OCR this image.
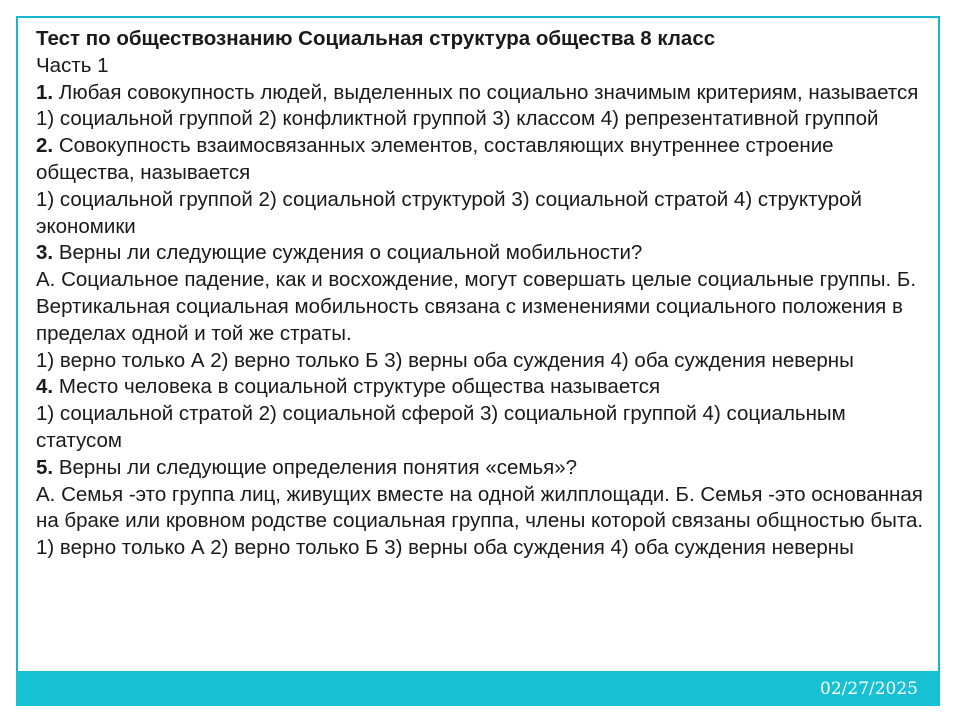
02/27/2025

Тест по обществознанию Социальная структура общества 8 класс

Часть 1

1. Любая совокупность людей, выделенных по социально значимым критериям, называется

1) социальной группой 2) конфликтной группой 3) классом 4) репрезентативной группой

2. Совокупность взаимосвязанных элементов, составляющих внутреннее строение общества, называется

1) социальной группой 2) социальной структурой 3) социальной стратой 4) структурой экономики

3. Верны ли следующие суждения о социальной мобильности?

А. Социальное падение, как и восхождение, могут совершать целые социальные группы. Б. Вертикальная социальная мобильность связана с изменениями социального положения в пределах одной и той же страты.

1) верно только А 2) верно только Б 3) верны оба суждения 4) оба суждения неверны

4. Место человека в социальной структуре общества называется

1) социальной стратой 2) социальной сферой 3) социальной группой 4) социальным статусом

5. Верны ли следующие определения понятия «семья»?

А. Семья -это группа лиц, живущих вместе на одной жилплощади. Б. Семья -это основанная на браке или кровном родстве социальная группа, члены которой связаны общностью быта.

1) верно только А 2) верно только Б 3) верны оба суждения 4) оба суждения неверны
